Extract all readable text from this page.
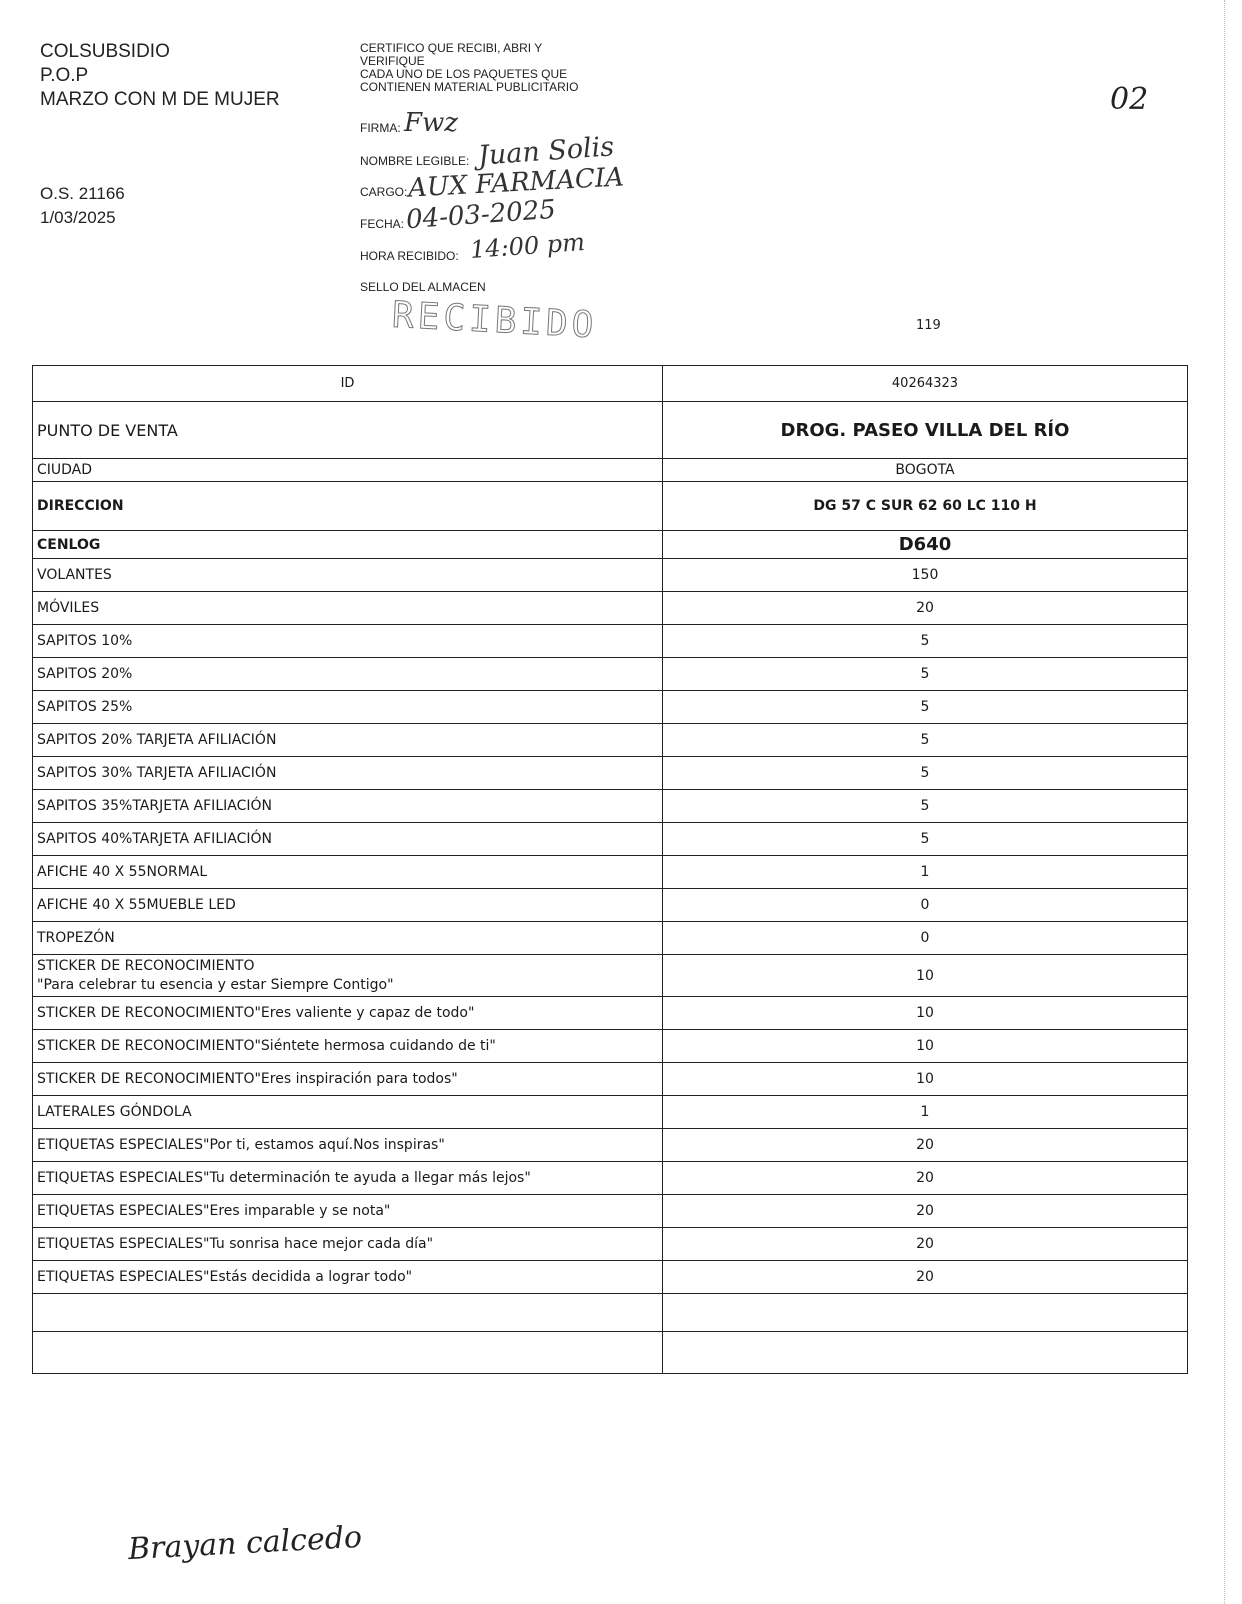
COLSUBSIDIO
P.O.P
MARZO CON M DE MUJER
O.S. 21166
1/03/2025
CERTIFICO QUE RECIBI, ABRI Y
VERIFIQUE
CADA UNO DE LOS PAQUETES QUE
CONTIENEN MATERIAL PUBLICITARIO
FIRMA: Fwz
NOMBRE LEGIBLE: Juan Solis
CARGO: AUX FARMACIA
FECHA: 04-03-2025
HORA RECIBIDO: 14:00 pm
SELLO DEL ALMACEN
RECIBIDO	119
02
ID	40264323
PUNTO DE VENTA	DROG. PASEO VILLA DEL RÍO
CIUDAD	BOGOTA
DIRECCION	DG 57 C SUR 62 60 LC 110 H
CENLOG	D640
VOLANTES	150
MÓVILES	20
SAPITOS 10%	5
SAPITOS 20%	5
SAPITOS 25%	5
SAPITOS 20% TARJETA AFILIACIÓN	5
SAPITOS 30% TARJETA AFILIACIÓN	5
SAPITOS 35%TARJETA AFILIACIÓN	5
SAPITOS 40%TARJETA AFILIACIÓN	5
AFICHE 40 X 55NORMAL	1
AFICHE 40 X 55MUEBLE LED	0
TROPEZÓN	0

STICKER DE RECONOCIMIENTO
"Para celebrar tu esencia y estar Siempre Contigo"	10
STICKER DE RECONOCIMIENTO"Eres valiente y capaz de todo"	10
STICKER DE RECONOCIMIENTO"Siéntete hermosa cuidando de ti"	10
STICKER DE RECONOCIMIENTO"Eres inspiración para todos"	10
LATERALES GÓNDOLA	1
ETIQUETAS ESPECIALES"Por ti, estamos aquí.Nos inspiras"	20
ETIQUETAS ESPECIALES"Tu determinación te ayuda a llegar más lejos"	20
ETIQUETAS ESPECIALES"Eres imparable y se nota"	20
ETIQUETAS ESPECIALES"Tu sonrisa hace mejor cada día"	20
ETIQUETAS ESPECIALES"Estás decidida a lograr todo"	20

Brayan calcedo
